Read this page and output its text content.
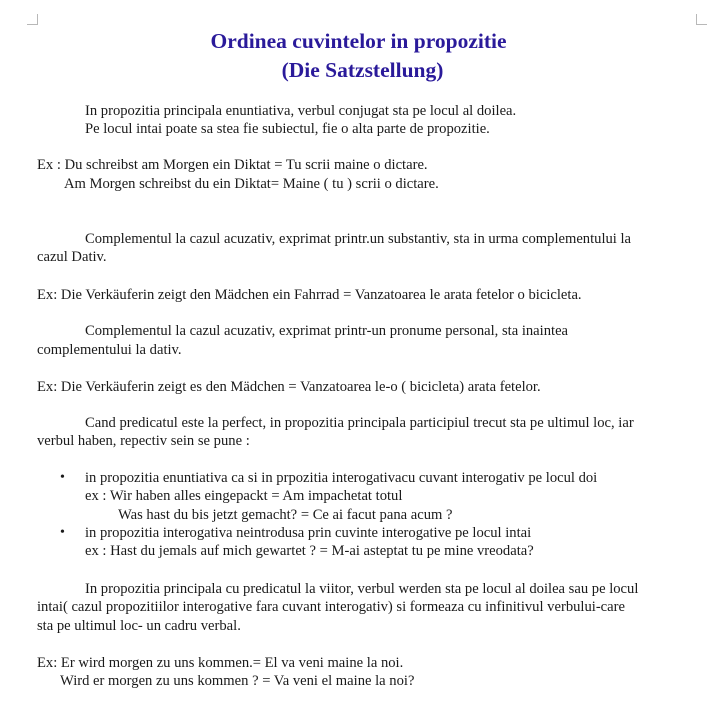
Ordinea cuvintelor in propozitie
(Die Satzstellung)
In propozitia principala enuntiativa, verbul conjugat sta pe locul al doilea.
Pe locul intai poate sa stea fie subiectul, fie o alta parte de propozitie.
Ex : Du schreibst am Morgen ein Diktat = Tu scrii maine o dictare.
Am Morgen schreibst du ein Diktat= Maine ( tu ) scrii o dictare.
Complementul la cazul acuzativ, exprimat printr.un substantiv, sta in urma complementului la
cazul Dativ.
Ex: Die Verkäuferin zeigt den Mädchen ein Fahrrad = Vanzatoarea le arata fetelor o bicicleta.
Complementul la cazul acuzativ, exprimat printr-un pronume personal, sta inaintea
complementului la dativ.
Ex: Die Verkäuferin zeigt es den Mädchen = Vanzatoarea le-o ( bicicleta) arata fetelor.
Cand predicatul este la perfect, in propozitia principala participiul trecut sta pe ultimul loc, iar
verbul haben, repectiv sein se pune :
• in propozitia enuntiativa ca si in prpozitia interogativacu cuvant interogativ pe locul doi
ex : Wir haben alles eingepackt = Am impachetat totul
Was hast du bis jetzt gemacht? = Ce ai facut pana acum ?
• in propozitia interogativa neintrodusa prin cuvinte interogative pe locul intai
ex : Hast du jemals auf mich gewartet ? = M-ai asteptat tu pe mine vreodata?
In propozitia principala cu predicatul la viitor, verbul werden sta pe locul al doilea sau pe locul
intai( cazul propozitiilor interogative fara cuvant interogativ) si formeaza cu infinitivul verbului-care
sta pe ultimul loc- un cadru verbal.
Ex: Er wird morgen zu uns kommen.= El va veni maine la noi.
Wird er morgen zu uns kommen ? = Va veni el maine la noi?
